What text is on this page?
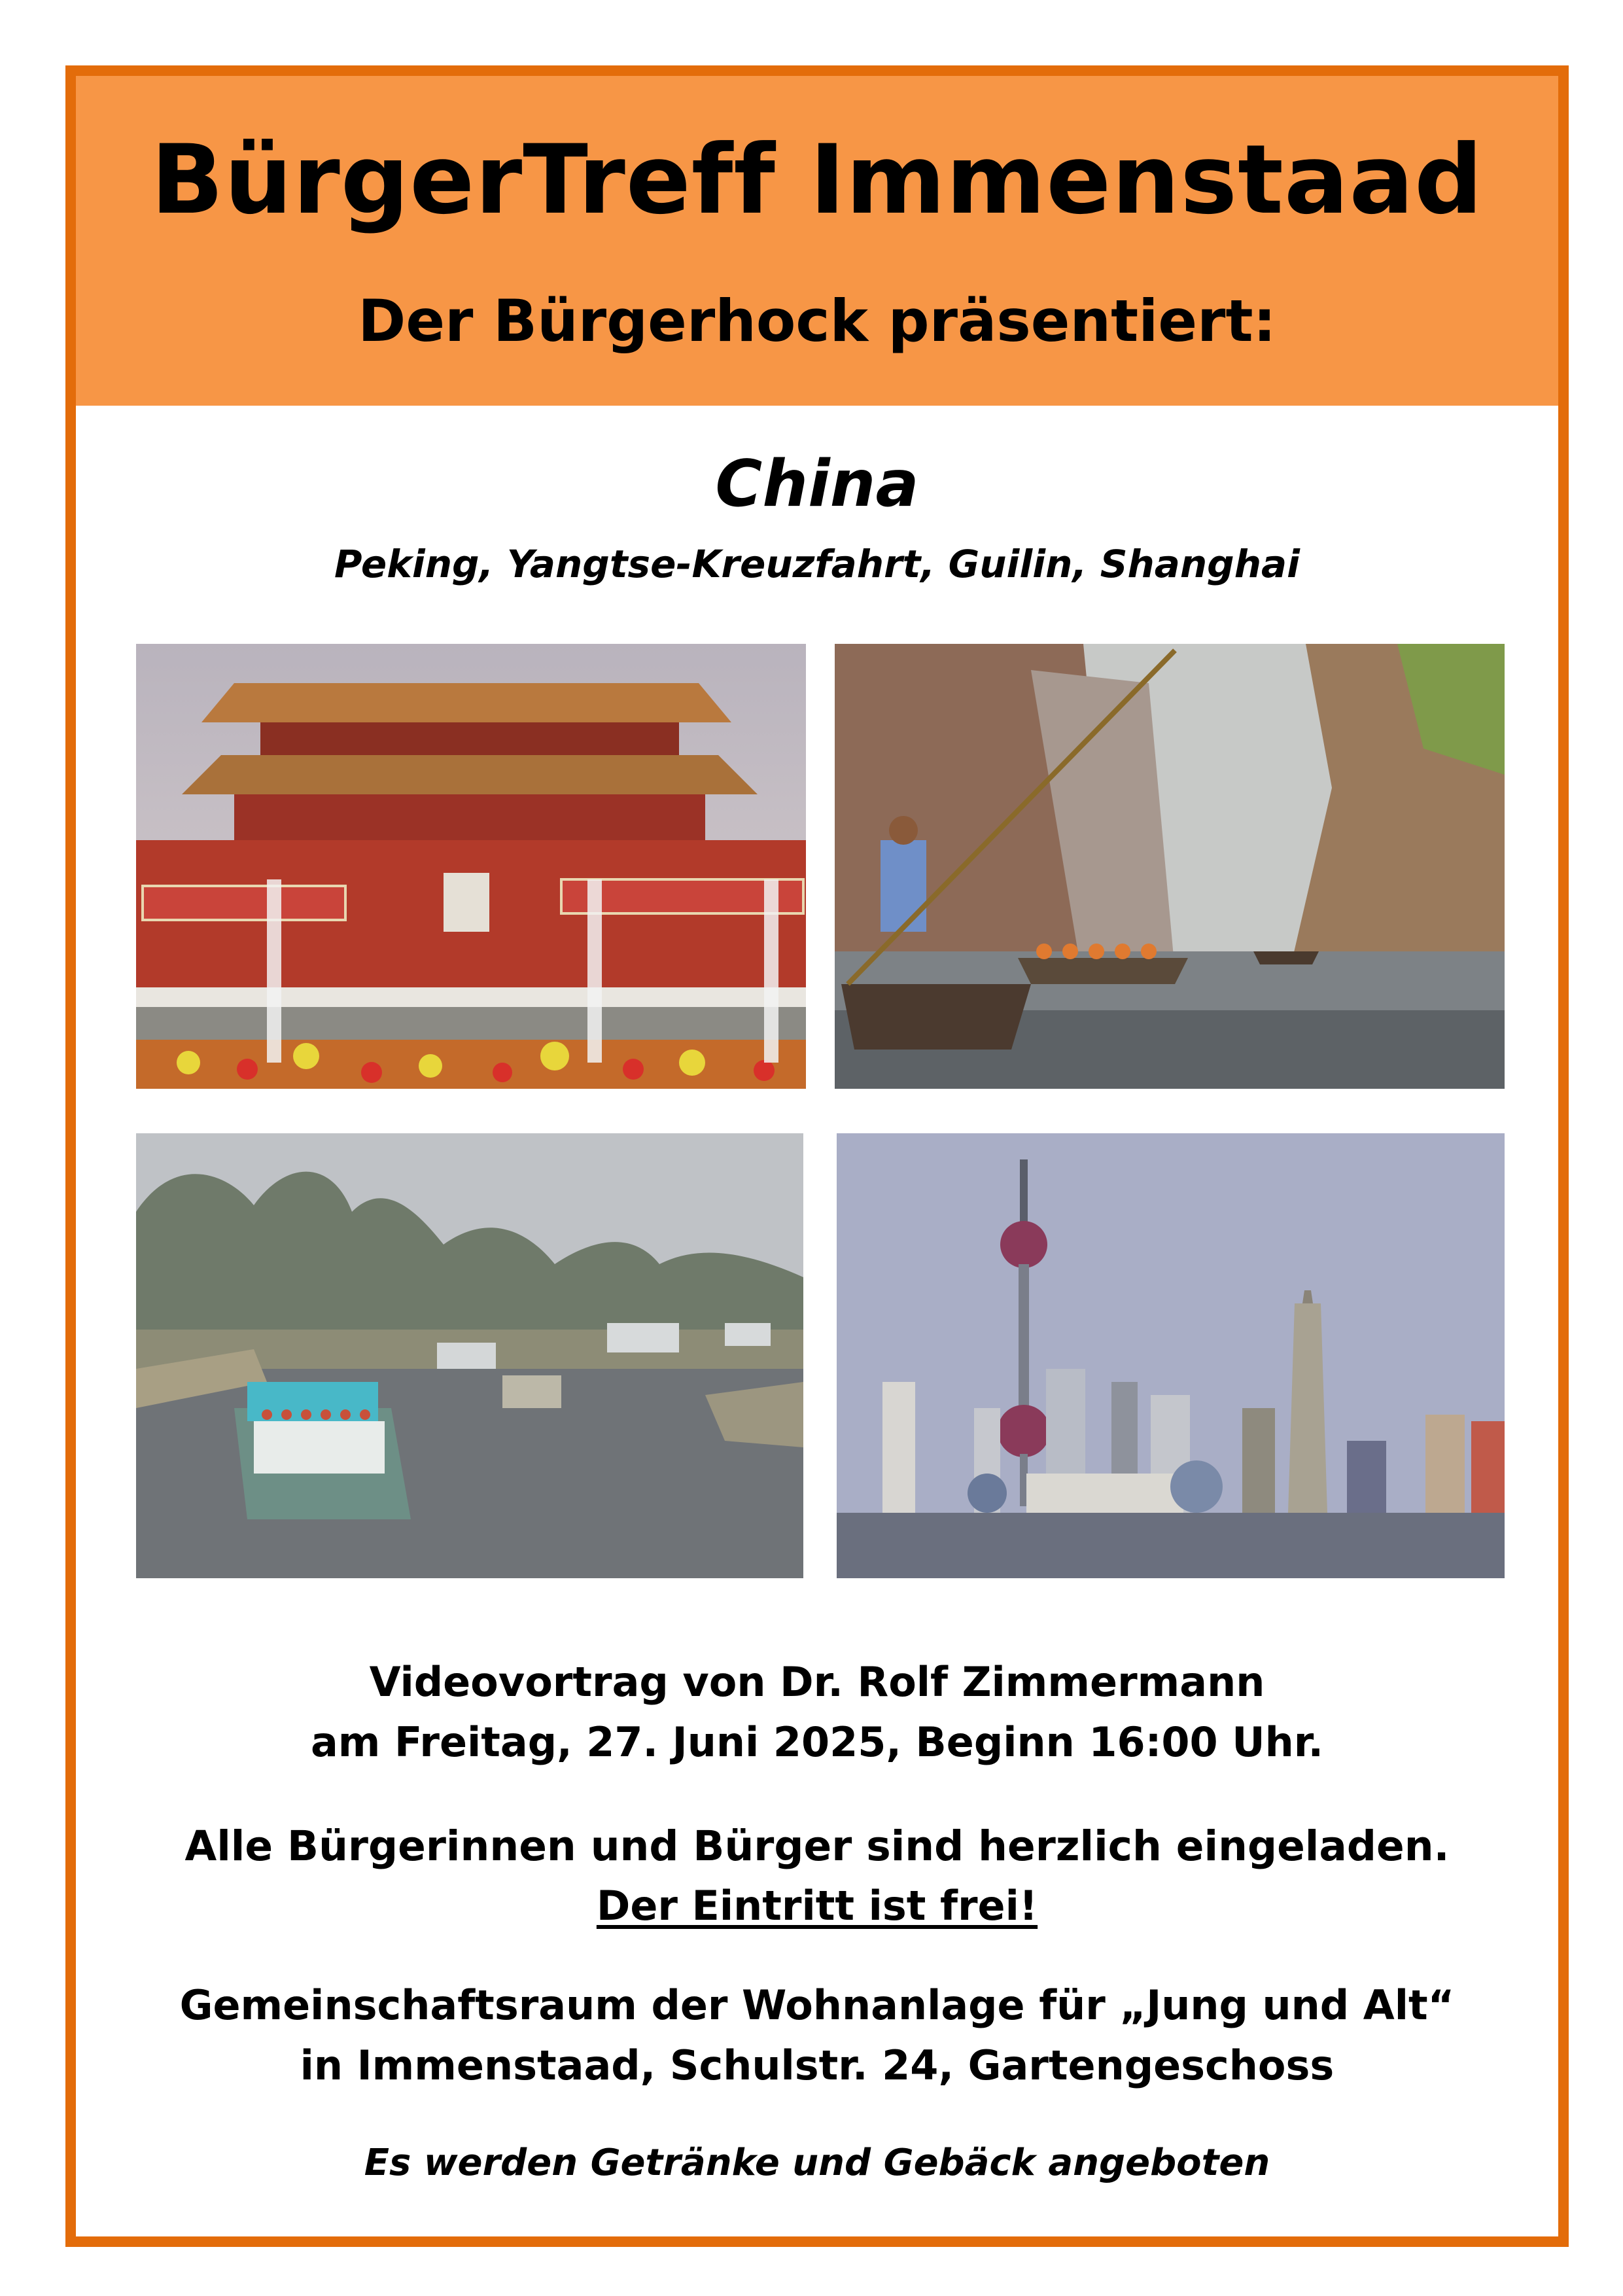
BürgerTreff Immenstaad
Der Bürgerhock präsentiert:
China
Peking, Yangtse-Kreuzfahrt, Guilin, Shanghai
Videovortrag von Dr. Rolf Zimmermann
am Freitag, 27. Juni 2025, Beginn 16:00 Uhr.
Alle Bürgerinnen und Bürger sind herzlich eingeladen.
Der Eintritt ist frei!
Gemeinschaftsraum der Wohnanlage für „Jung und Alt“
in Immenstaad, Schulstr. 24, Gartengeschoss
Es werden Getränke und Gebäck angeboten
